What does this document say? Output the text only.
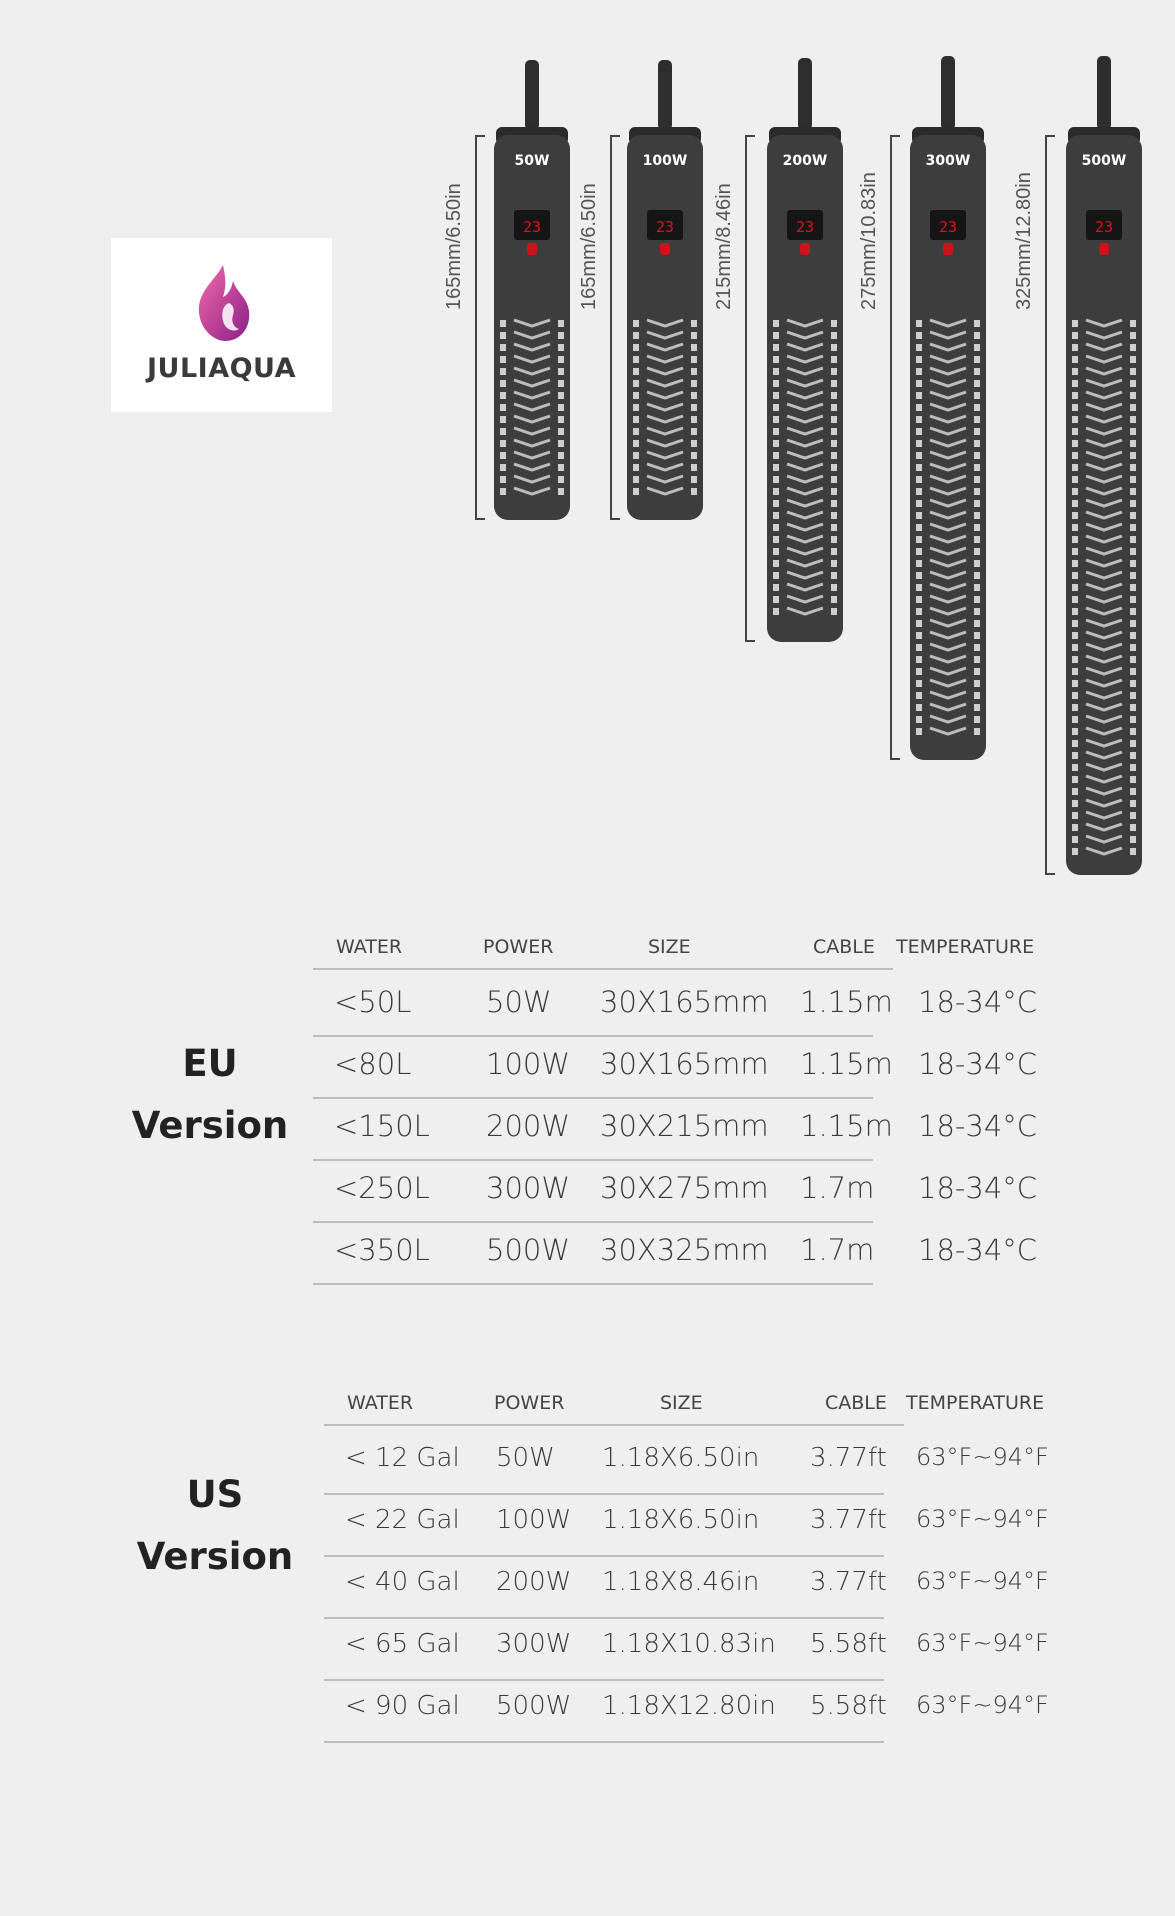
JULIAQUA
23
50W
165mm/6.50in	23
100W
165mm/6.50in	23
200W
215mm/8.46in	23
300W
275mm/10.83in	23
500W
325mm/12.80in
EU
Version
WATER	POWER	SIZE	CABLE TEMPERATURE
<50L	50W 30X165mm 1.15m 18-34°C
<80L	100W 30X165mm 1.15m 18-34°C
<150L 200W 30X215mm 1.15m 18-34°C
<250L 300W 30X275mm 1.7m 18-34°C
<350L 500W 30X325mm 1.7m 18-34°C
US
Version
WATER	POWER	SIZE	CABLE TEMPERATURE
< 12 Gal 50W 1.18X6.50in 3.77ft 63°F~94°F
< 22 Gal 100W 1.18X6.50in 3.77ft 63°F~94°F
< 40 Gal 200W 1.18X8.46in 3.77ft 63°F~94°F
< 65 Gal 300W 1.18X10.83in 5.58ft 63°F~94°F
< 90 Gal 500W 1.18X12.80in 5.58ft 63°F~94°F
